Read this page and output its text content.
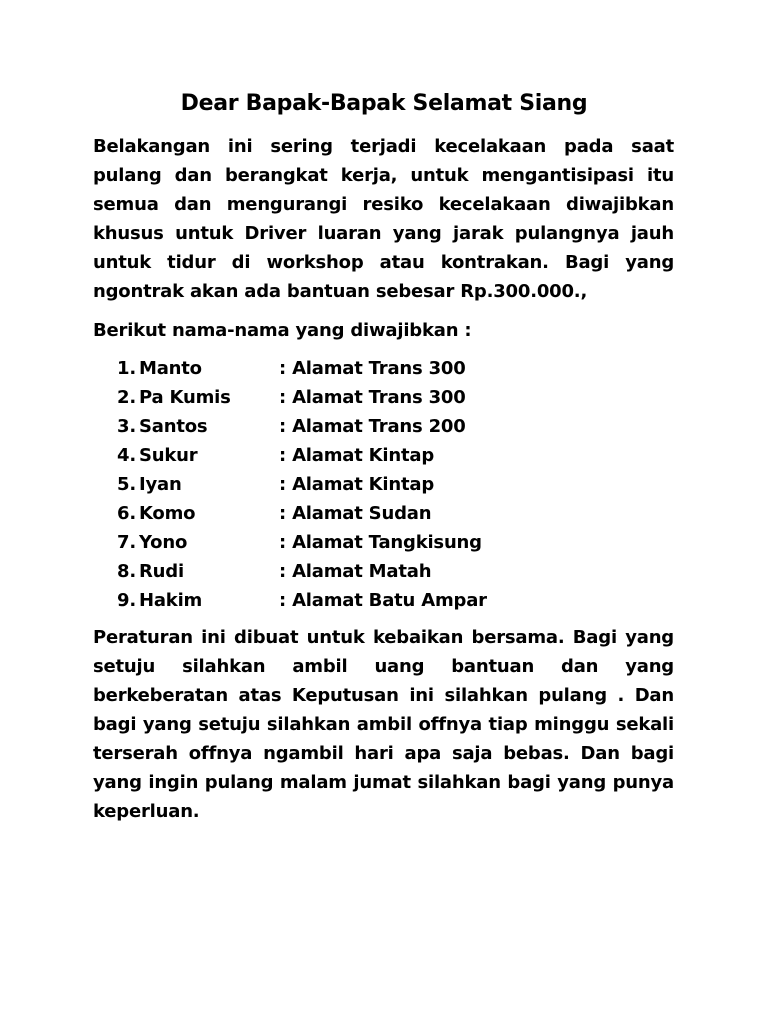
Dear Bapak-Bapak Selamat Siang
Belakangan ini sering terjadi kecelakaan pada saat pulang dan berangkat kerja, untuk mengantisipasi itu semua dan mengurangi resiko kecelakaan diwajibkan khusus untuk Driver luaran yang jarak pulangnya jauh untuk tidur di workshop atau kontrakan. Bagi yang ngontrak akan ada bantuan sebesar Rp.300.000.,
Berikut nama-nama yang diwajibkan :
1. Manto	: Alamat Trans 300
2. Pa Kumis	: Alamat Trans 300
3. Santos	: Alamat Trans 200
4. Sukur	: Alamat Kintap
5. Iyan	: Alamat Kintap
6. Komo	: Alamat Sudan
7. Yono	: Alamat Tangkisung
8. Rudi	: Alamat Matah
9. Hakim	: Alamat Batu Ampar
Peraturan ini dibuat untuk kebaikan bersama. Bagi yang setuju silahkan ambil uang bantuan dan yang berkeberatan atas Keputusan ini silahkan pulang . Dan bagi yang setuju silahkan ambil offnya tiap minggu sekali terserah offnya ngambil hari apa saja bebas. Dan bagi yang ingin pulang malam jumat silahkan bagi yang punya keperluan.
